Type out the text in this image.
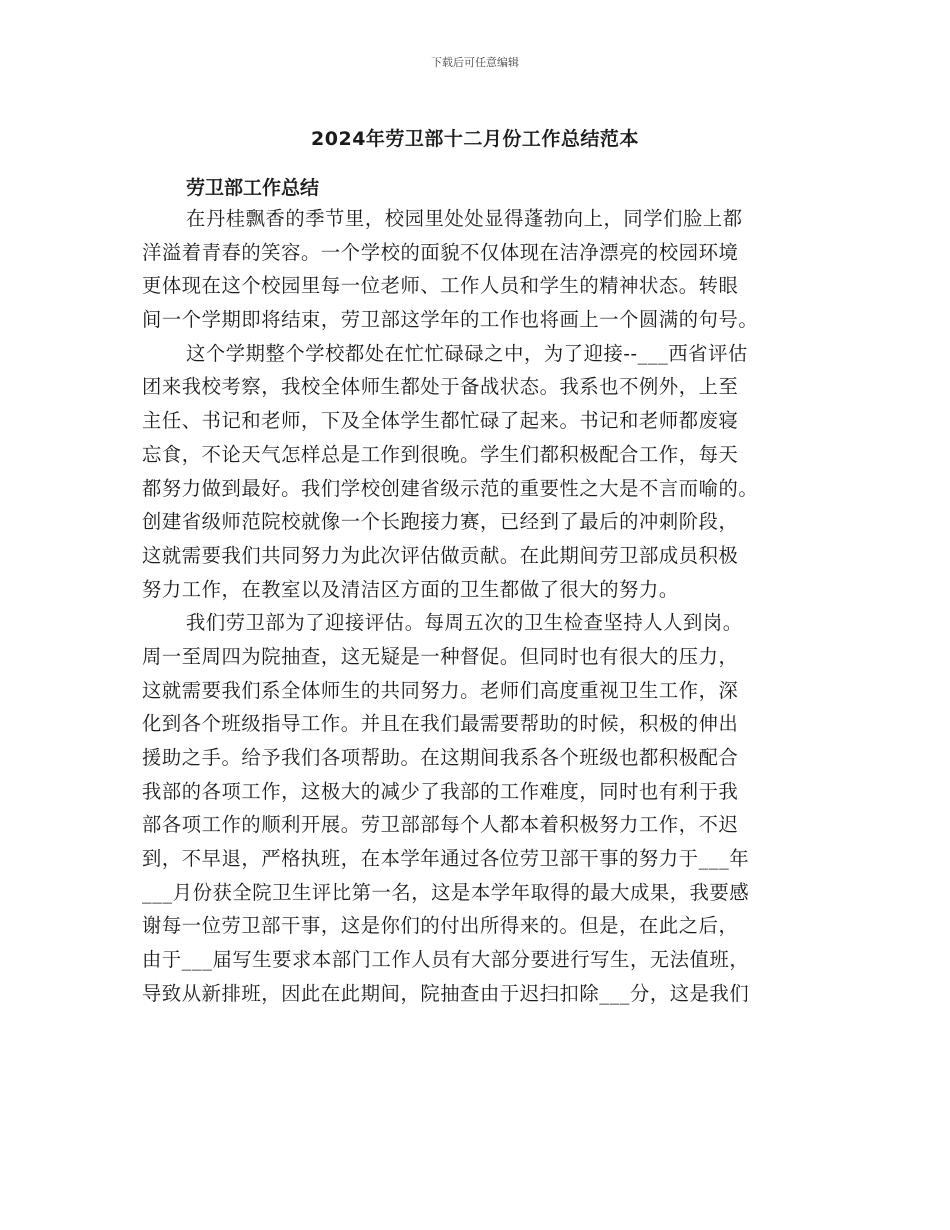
下载后可任意编辑
2024年劳卫部十二月份工作总结范本
劳卫部工作总结
在丹桂飘香的季节里，校园里处处显得蓬勃向上，同学们脸上都
洋溢着青春的笑容。一个学校的面貌不仅体现在洁净漂亮的校园环境
更体现在这个校园里每一位老师、工作人员和学生的精神状态。转眼
间一个学期即将结束，劳卫部这学年的工作也将画上一个圆满的句号。
这个学期整个学校都处在忙忙碌碌之中，为了迎接--___西省评估
团来我校考察，我校全体师生都处于备战状态。我系也不例外，上至
主任、书记和老师，下及全体学生都忙碌了起来。书记和老师都废寝
忘食，不论天气怎样总是工作到很晚。学生们都积极配合工作，每天
都努力做到最好。我们学校创建省级示范的重要性之大是不言而喻的。
创建省级师范院校就像一个长跑接力赛，已经到了最后的冲刺阶段，
这就需要我们共同努力为此次评估做贡献。在此期间劳卫部成员积极
努力工作，在教室以及清洁区方面的卫生都做了很大的努力。
我们劳卫部为了迎接评估。每周五次的卫生检查坚持人人到岗。
周一至周四为院抽查，这无疑是一种督促。但同时也有很大的压力，
这就需要我们系全体师生的共同努力。老师们高度重视卫生工作，深
化到各个班级指导工作。并且在我们最需要帮助的时候，积极的伸出
援助之手。给予我们各项帮助。在这期间我系各个班级也都积极配合
我部的各项工作，这极大的减少了我部的工作难度，同时也有利于我
部各项工作的顺利开展。劳卫部部每个人都本着积极努力工作，不迟
到，不早退，严格执班，在本学年通过各位劳卫部干事的努力于___年
___月份获全院卫生评比第一名，这是本学年取得的最大成果，我要感
谢每一位劳卫部干事，这是你们的付出所得来的。但是，在此之后，
由于___届写生要求本部门工作人员有大部分要进行写生，无法值班，
导致从新排班，因此在此期间，院抽查由于迟扫扣除___分，这是我们
